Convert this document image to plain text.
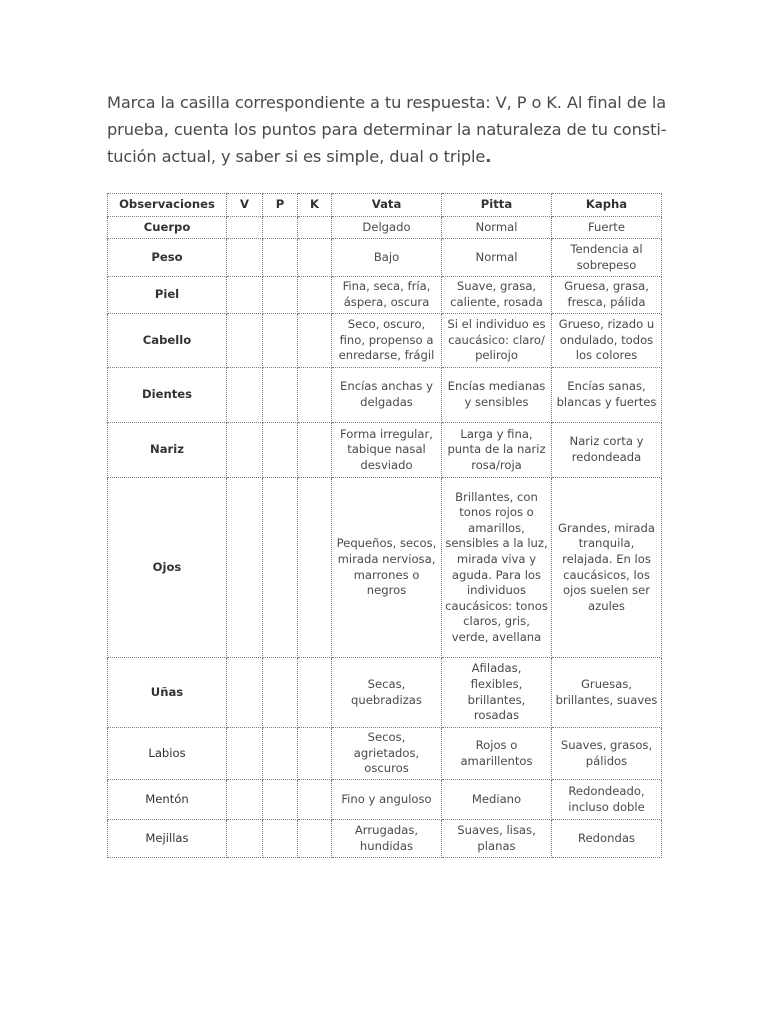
Marca la casilla correspondiente a tu respuesta: V, P o K. Al final de la prueba, cuenta los puntos para determinar la naturaleza de tu constitución actual, y saber si es simple, dual o triple.

Observaciones	V	P	K	Vata	Pitta	Kapha
Cuerpo				Delgado	Normal	Fuerte
Peso				Bajo	Normal	Tendencia al sobrepeso
Piel				Fina, seca, fría, áspera, oscura	Suave, grasa, caliente, rosada	Gruesa, grasa, fresca, pálida
Cabello				Seco, oscuro, fino, propenso a enredarse, frágil	Si el individuo es caucásico: claro/ pelirojo	Grueso, rizado u ondulado, todos los colores
Dientes				Encías anchas y delgadas	Encías medianas y sensibles	Encías sanas, blancas y fuertes
Nariz				Forma irregular, tabique nasal desviado	Larga y fina, punta de la nariz rosa/roja	Nariz corta y redondeada
Ojos				Pequeños, secos, mirada nerviosa, marrones o negros	Brillantes, con tonos rojos o amarillos, sensibles a la luz, mirada viva y aguda. Para los individuos caucásicos: tonos claros, gris, verde, avellana	Grandes, mirada tranquila, relajada. En los caucásicos, los ojos suelen ser azules
Uñas				Secas, quebradizas	Afiladas, flexibles, brillantes, rosadas	Gruesas, brillantes, suaves
Labios				Secos, agrietados, oscuros	Rojos o amarillentos	Suaves, grasos, pálidos
Mentón				Fino y anguloso	Mediano	Redondeado, incluso doble
Mejillas				Arrugadas, hundidas	Suaves, lisas, planas	Redondas
